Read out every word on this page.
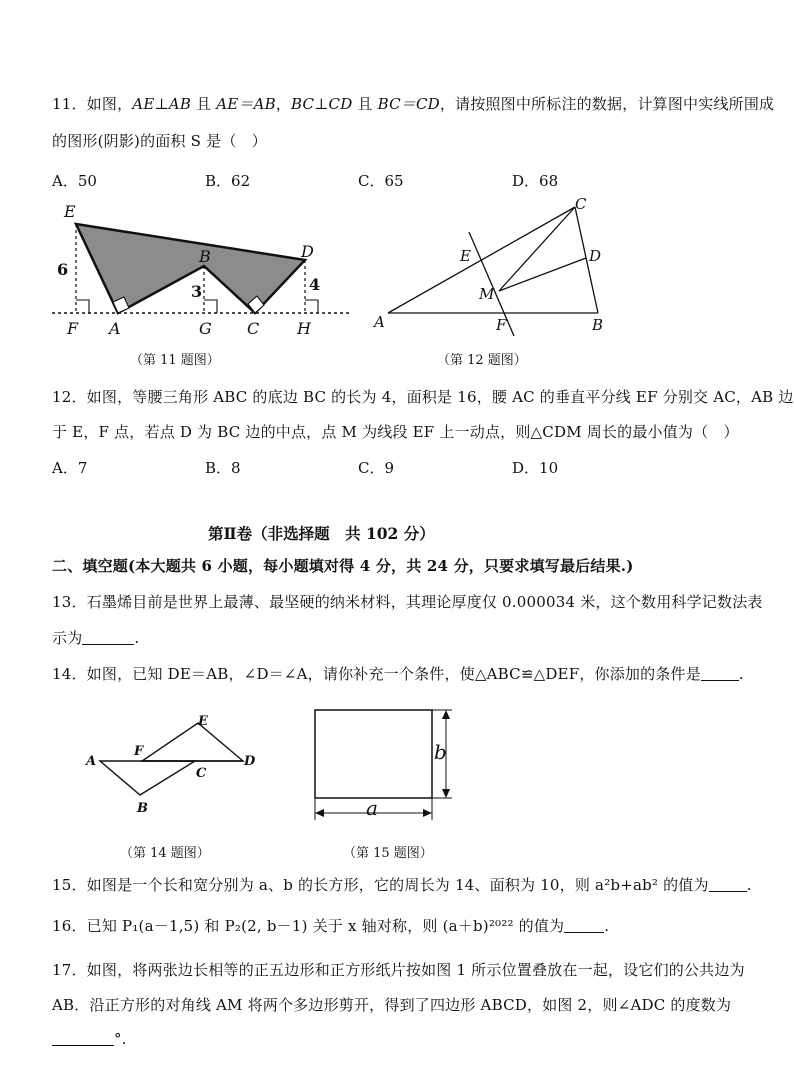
11．如图，AE⊥AB 且 AE＝AB，BC⊥CD 且 BC＝CD，请按照图中所标注的数据，计算图中实线所围成
的图形(阴影)的面积 S 是（　）
A．50	B．62	C．65	D．68
E
B	D
F A	G C H
6
3	4
（第 11 题图）
C
E	D
M
A	F	B
（第 12 题图）
12．如图，等腰三角形 ABC 的底边 BC 的长为 4，面积是 16，腰 AC 的垂直平分线 EF 分别交 AC，AB 边
于 E，F 点，若点 D 为 BC 边的中点，点 M 为线段 EF 上一动点，则△CDM 周长的最小值为（　）
A．7	B．8	C．9	D．10
第Ⅱ卷（非选择题　共 102 分）
二、填空题(本大题共 6 小题，每小题填对得 4 分，共 24 分，只要求填写最后结果.)
13．石墨烯目前是世界上最薄、最坚硬的纳米材料，其理论厚度仅 0.000034 米，这个数用科学记数法表
示为	.
14．如图，已知 DE＝AB，∠D＝∠A，请你补充一个条件，使△ABC≌△DEF，你添加的条件是	.
E
F
A	D
C
B
（第 14 题图）
b
a
（第 15 题图）
15．如图是一个长和宽分别为 a、b 的长方形，它的周长为 14、面积为 10，则 a²b+ab² 的值为	.
16．已知 P₁(a－1,5) 和 P₂(2, b－1) 关于 x 轴对称，则 (a＋b)²⁰²² 的值为	.
17．如图，将两张边长相等的正五边形和正方形纸片按如图 1 所示位置叠放在一起，设它们的公共边为
AB．沿正方形的对角线 AM 将两个多边形剪开，得到了四边形 ABCD，如图 2，则∠ADC 的度数为
°.
